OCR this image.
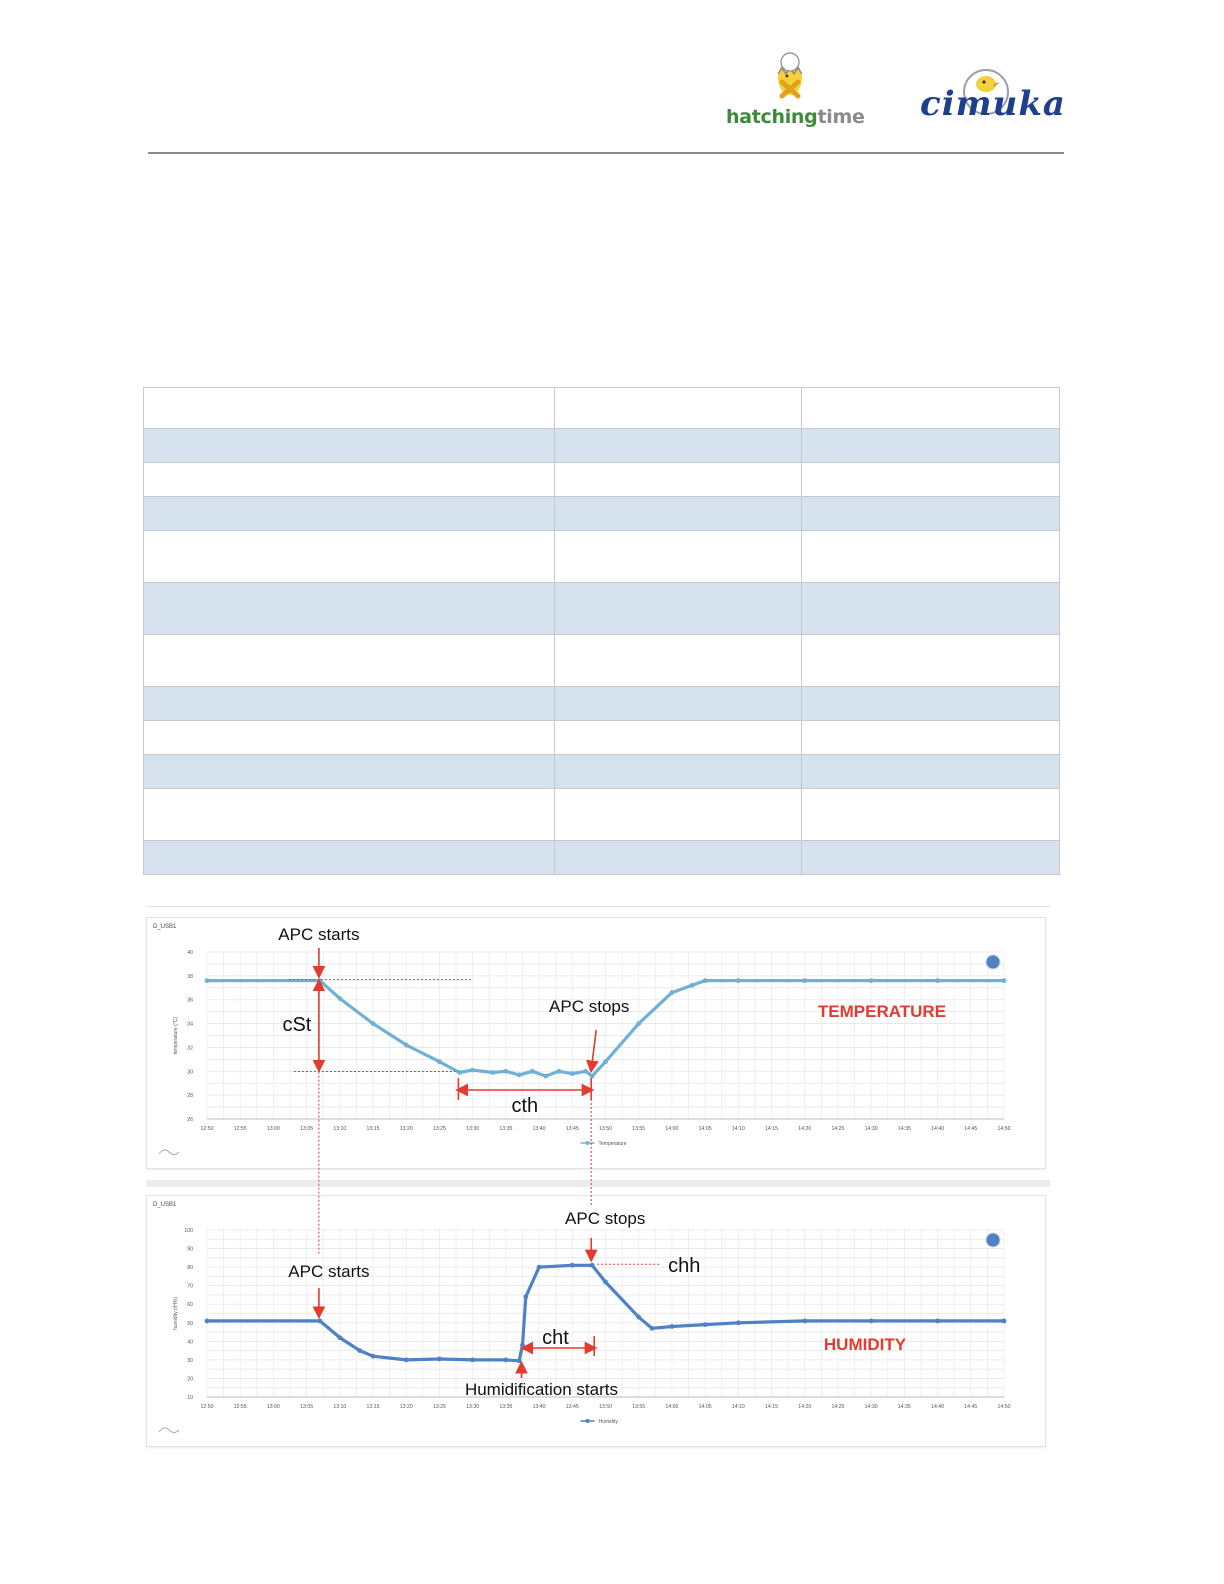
hatchingtime cimuka

D_USB1
26
28
30
32
34
36
38
40
12:50	12:55	13:00	13:05	13:10	13:15	13:20	13:25	13:30	13:35	13:40	13:45	13:50	13:55	14:00	14:05	14:10	14:15	14:20	14:25	14:30	14:35	14:40	14:45	14:50
temperature (°C)
Temperature
D_USB1
10
20
30
40
50
60
70
80
90
100
12:50	12:55	13:00	13:05	13:10	13:15	13:20	13:25	13:30	13:35	13:40	13:45	13:50	13:55	14:00	14:05	14:10	14:15	14:20	14:25	14:30	14:35	14:40	14:45	14:50
humidity (rH%)
Humidity
APC starts
cSt
APC stops
cth
TEMPERATURE
APC stops
chh
APC starts
cht
Humidification starts
HUMIDITY
